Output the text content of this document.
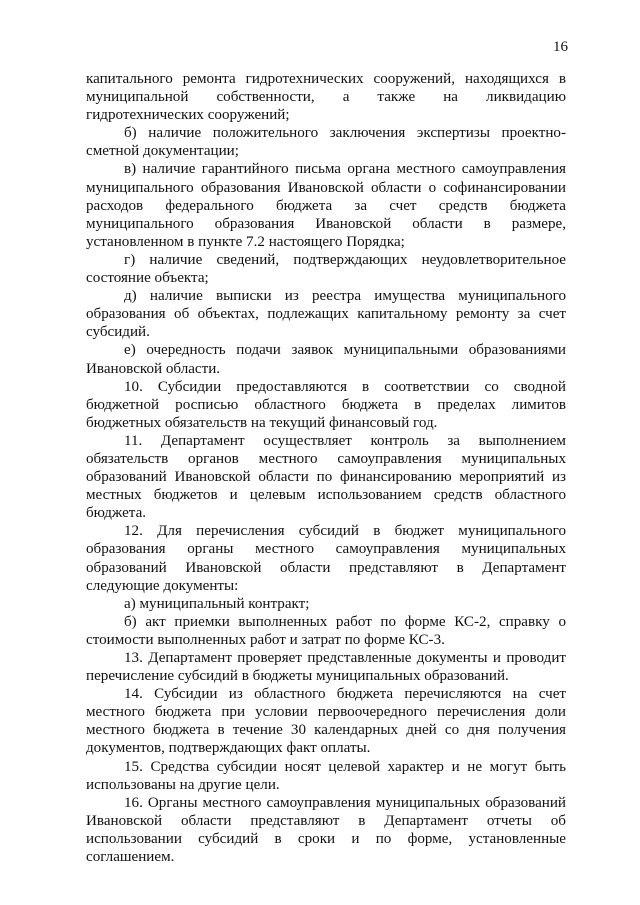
16

капитального ремонта гидротехнических сооружений, находящихся в муниципальной собственности, а также на ликвидацию гидротехнических сооружений;

б) наличие положительного заключения экспертизы проектно-сметной документации;

в) наличие гарантийного письма органа местного самоуправления муниципального образования Ивановской области о софинансировании расходов федерального бюджета за счет средств бюджета муниципального образования Ивановской области в размере, установленном в пункте 7.2 настоящего Порядка;

г) наличие сведений, подтверждающих неудовлетворительное состояние объекта;

д) наличие выписки из реестра имущества муниципального образования об объектах, подлежащих капитальному ремонту за счет субсидий.

е) очередность подачи заявок муниципальными образованиями Ивановской области.

10. Субсидии предоставляются в соответствии со сводной бюджетной росписью областного бюджета в пределах лимитов бюджетных обязательств на текущий финансовый год.

11. Департамент осуществляет контроль за выполнением обязательств органов местного самоуправления муниципальных образований Ивановской области по финансированию мероприятий из местных бюджетов и целевым использованием средств областного бюджета.

12. Для перечисления субсидий в бюджет муниципального образования органы местного самоуправления муниципальных образований Ивановской области представляют в Департамент следующие документы:

а) муниципальный контракт;

б) акт приемки выполненных работ по форме КС-2, справку о стоимости выполненных работ и затрат по форме КС-3.

13. Департамент проверяет представленные документы и проводит перечисление субсидий в бюджеты муниципальных образований.

14. Субсидии из областного бюджета перечисляются на счет местного бюджета при условии первоочередного перечисления доли местного бюджета в течение 30 календарных дней со дня получения документов, подтверждающих факт оплаты.

15. Средства субсидии носят целевой характер и не могут быть использованы на другие цели.

16. Органы местного самоуправления муниципальных образований Ивановской области представляют в Департамент отчеты об использовании субсидий в сроки и по форме, установленные соглашением.
